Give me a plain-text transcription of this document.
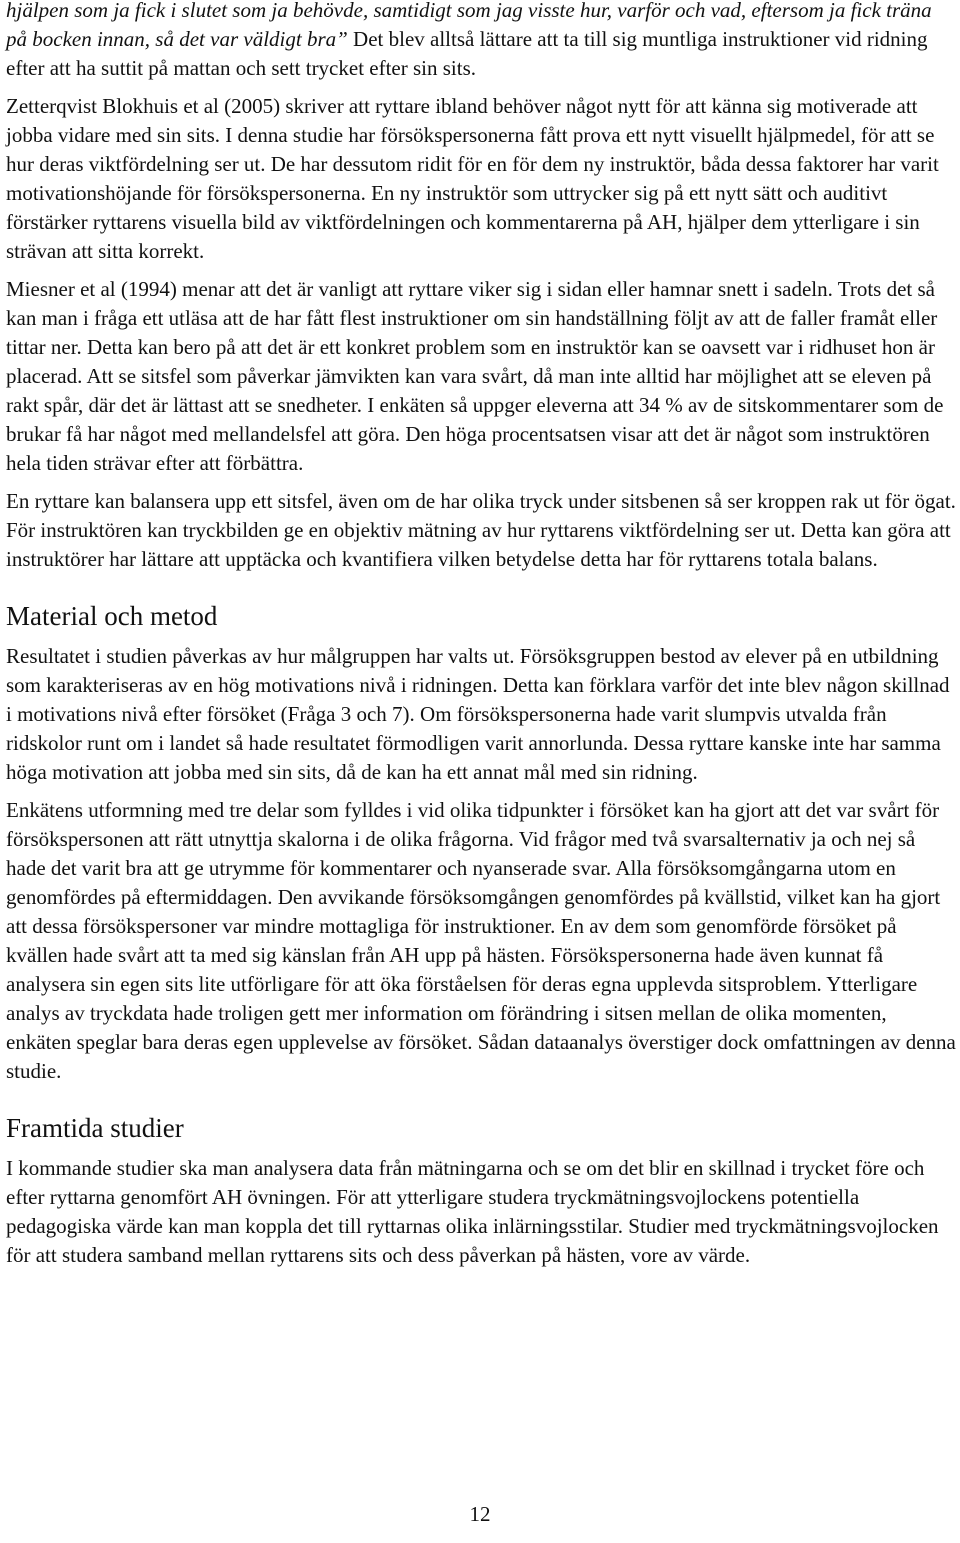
hjälpen som ja fick i slutet som ja behövde, samtidigt som jag visste hur, varför och vad, eftersom ja fick träna på bocken innan, så det var väldigt bra” Det blev alltså lättare att ta till sig muntliga instruktioner vid ridning efter att ha suttit på mattan och sett trycket efter sin sits.

Zetterqvist Blokhuis et al (2005) skriver att ryttare ibland behöver något nytt för att känna sig motiverade att jobba vidare med sin sits. I denna studie har försökspersonerna fått prova ett nytt visuellt hjälpmedel, för att se hur deras viktfördelning ser ut. De har dessutom ridit för en för dem ny instruktör, båda dessa faktorer har varit motivationshöjande för försökspersonerna. En ny instruktör som uttrycker sig på ett nytt sätt och auditivt förstärker ryttarens visuella bild av viktfördelningen och kommentarerna på AH, hjälper dem ytterligare i sin strävan att sitta korrekt.

Miesner et al (1994) menar att det är vanligt att ryttare viker sig i sidan eller hamnar snett i sadeln. Trots det så kan man i fråga ett utläsa att de har fått flest instruktioner om sin handställning följt av att de faller framåt eller tittar ner. Detta kan bero på att det är ett konkret problem som en instruktör kan se oavsett var i ridhuset hon är placerad. Att se sitsfel som påverkar jämvikten kan vara svårt, då man inte alltid har möjlighet att se eleven på rakt spår, där det är lättast att se snedheter. I enkäten så uppger eleverna att 34 % av de sitskommentarer som de brukar få har något med mellandelsfel att göra. Den höga procentsatsen visar att det är något som instruktören hela tiden strävar efter att förbättra.

En ryttare kan balansera upp ett sitsfel, även om de har olika tryck under sitsbenen så ser kroppen rak ut för ögat. För instruktören kan tryckbilden ge en objektiv mätning av hur ryttarens viktfördelning ser ut. Detta kan göra att instruktörer har lättare att upptäcka och kvantifiera vilken betydelse detta har för ryttarens totala balans.

Material och metod

Resultatet i studien påverkas av hur målgruppen har valts ut. Försöksgruppen bestod av elever på en utbildning som karakteriseras av en hög motivations nivå i ridningen. Detta kan förklara varför det inte blev någon skillnad i motivations nivå efter försöket (Fråga 3 och 7). Om försökspersonerna hade varit slumpvis utvalda från ridskolor runt om i landet så hade resultatet förmodligen varit annorlunda. Dessa ryttare kanske inte har samma höga motivation att jobba med sin sits, då de kan ha ett annat mål med sin ridning.

Enkätens utformning med tre delar som fylldes i vid olika tidpunkter i försöket kan ha gjort att det var svårt för försökspersonen att rätt utnyttja skalorna i de olika frågorna. Vid frågor med två svarsalternativ ja och nej så hade det varit bra att ge utrymme för kommentarer och nyanserade svar. Alla försöksomgångarna utom en genomfördes på eftermiddagen. Den avvikande försöksomgången genomfördes på kvällstid, vilket kan ha gjort att dessa försökspersoner var mindre mottagliga för instruktioner. En av dem som genomförde försöket på kvällen hade svårt att ta med sig känslan från AH upp på hästen. Försökspersonerna hade även kunnat få analysera sin egen sits lite utförligare för att öka förståelsen för deras egna upplevda sitsproblem. Ytterligare analys av tryckdata hade troligen gett mer information om förändring i sitsen mellan de olika momenten, enkäten speglar bara deras egen upplevelse av försöket. Sådan dataanalys överstiger dock omfattningen av denna studie.

Framtida studier

I kommande studier ska man analysera data från mätningarna och se om det blir en skillnad i trycket före och efter ryttarna genomfört AH övningen. För att ytterligare studera tryckmätningsvojlockens potentiella pedagogiska värde kan man koppla det till ryttarnas olika inlärningsstilar. Studier med tryckmätningsvojlocken för att studera samband mellan ryttarens sits och dess påverkan på hästen, vore av värde.

12
